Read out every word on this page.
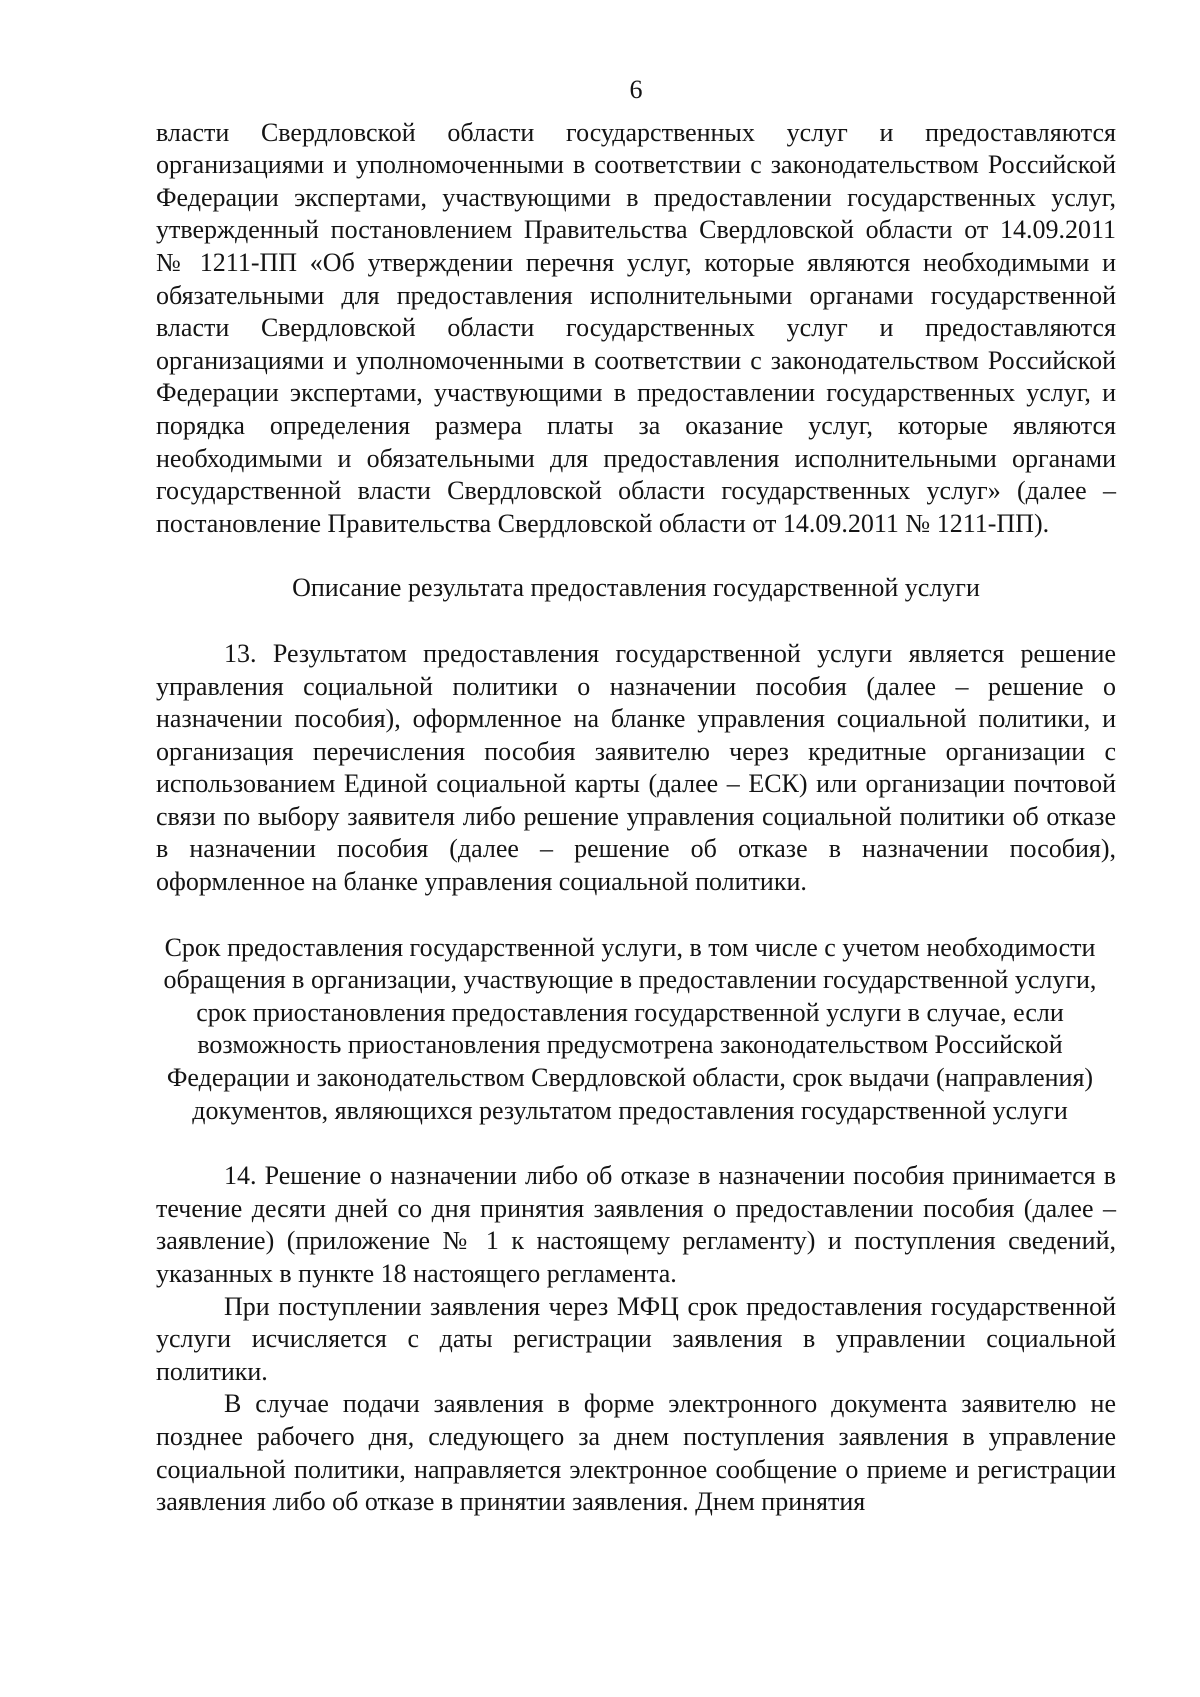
6

власти Свердловской области государственных услуг и предоставляются организациями и уполномоченными в соответствии с законодательством Российской Федерации экспертами, участвующими в предоставлении государственных услуг, утвержденный постановлением Правительства Свердловской области от 14.09.2011 № 1211-ПП «Об утверждении перечня услуг, которые являются необходимыми и обязательными для предоставления исполнительными органами государственной власти Свердловской области государственных услуг и предоставляются организациями и уполномоченными в соответствии с законодательством Российской Федерации экспертами, участвующими в предоставлении государственных услуг, и порядка определения размера платы за оказание услуг, которые являются необходимыми и обязательными для предоставления исполнительными органами государственной власти Свердловской области государственных услуг» (далее – постановление Правительства Свердловской области от 14.09.2011 № 1211-ПП).

Описание результата предоставления государственной услуги

13. Результатом предоставления государственной услуги является решение управления социальной политики о назначении пособия (далее – решение о назначении пособия), оформленное на бланке управления социальной политики, и организация перечисления пособия заявителю через кредитные организации с использованием Единой социальной карты (далее – ЕСК) или организации почтовой связи по выбору заявителя либо решение управления социальной политики об отказе в назначении пособия (далее – решение об отказе в назначении пособия), оформленное на бланке управления социальной политики.

Срок предоставления государственной услуги, в том числе с учетом необходимости обращения в организации, участвующие в предоставлении государственной услуги, срок приостановления предоставления государственной услуги в случае, если возможность приостановления предусмотрена законодательством Российской Федерации и законодательством Свердловской области, срок выдачи (направления) документов, являющихся результатом предоставления государственной услуги

14. Решение о назначении либо об отказе в назначении пособия принимается в течение десяти дней со дня принятия заявления о предоставлении пособия (далее – заявление) (приложение № 1 к настоящему регламенту) и поступления сведений, указанных в пункте 18 настоящего регламента.

При поступлении заявления через МФЦ срок предоставления государственной услуги исчисляется с даты регистрации заявления в управлении социальной политики.

В случае подачи заявления в форме электронного документа заявителю не позднее рабочего дня, следующего за днем поступления заявления в управление социальной политики, направляется электронное сообщение о приеме и регистрации заявления либо об отказе в принятии заявления. Днем принятия
